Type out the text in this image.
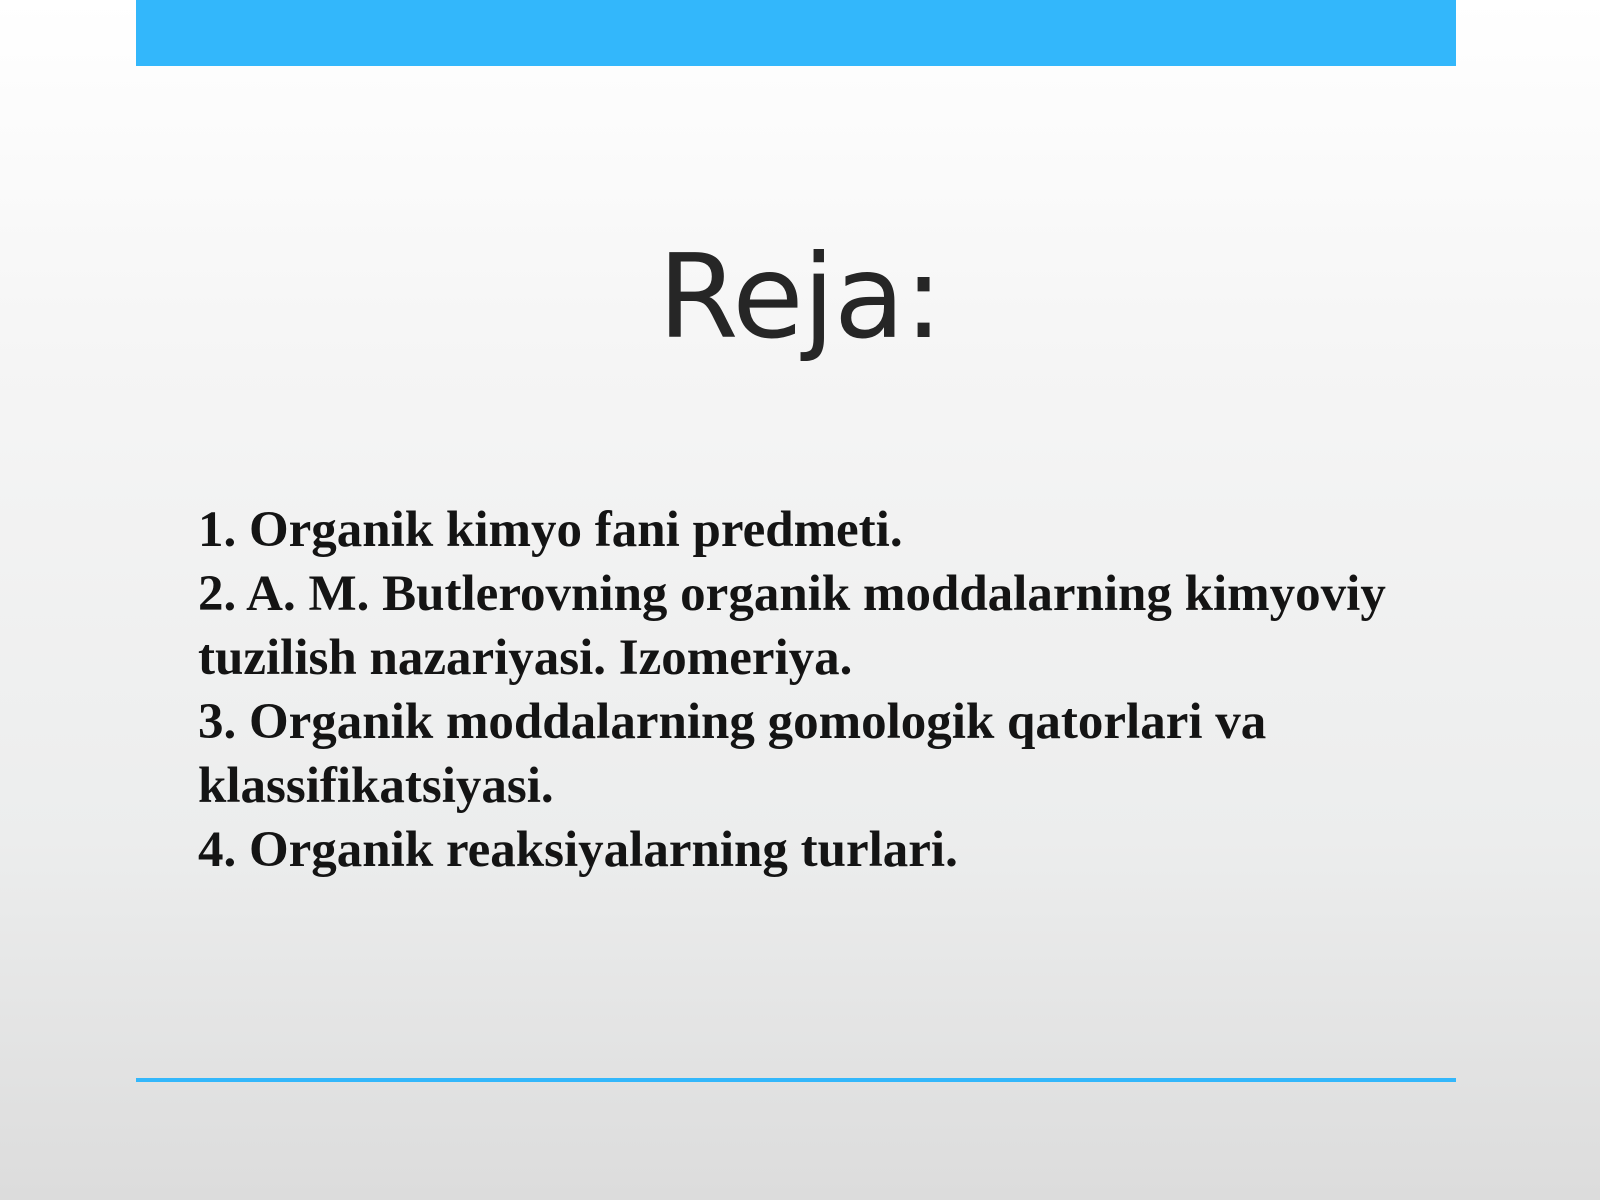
Reja:
1. Organik kimyo fani predmeti.
2. A. M. Butlerovning organik moddalarning kimyoviy tuzilish nazariyasi. Izomeriya.
3. Organik moddalarning gomologik qatorlari va klassifikatsiyasi.
4. Organik reaksiyalarning turlari.
